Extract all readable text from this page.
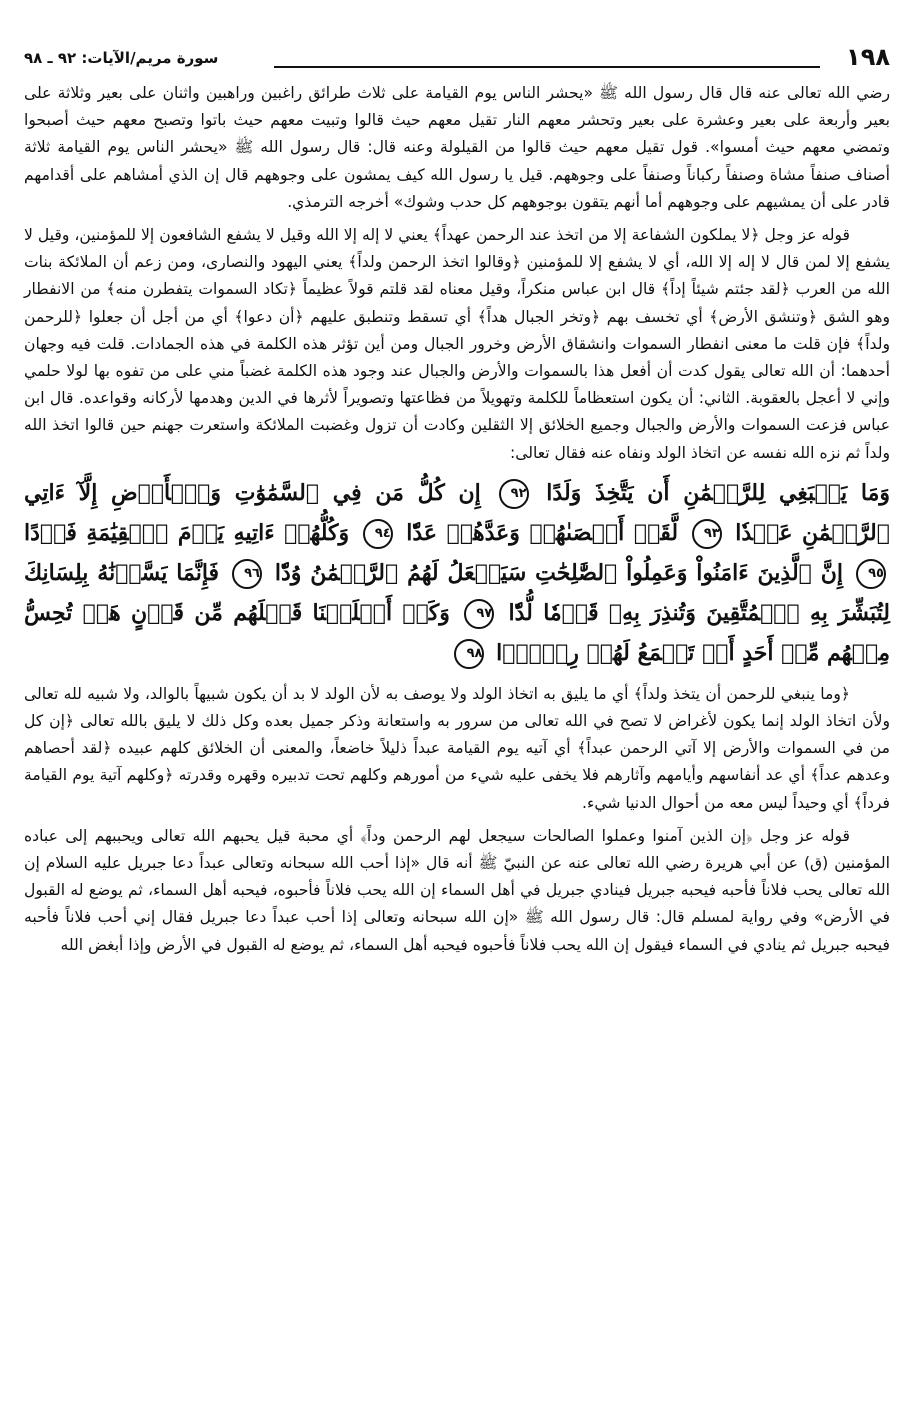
١٩٨
سورة مريم/الآيات: ٩٢ ـ ٩٨

رضي الله تعالى عنه قال قال رسول الله ﷺ «يحشر الناس يوم القيامة على ثلاث طرائق راغبين وراهبين واثنان على بعير وثلاثة على بعير وأربعة على بعير وعشرة على بعير وتحشر معهم النار تقيل معهم حيث قالوا وتبيت معهم حيث باتوا وتصبح معهم حيث أصبحوا وتمضي معهم حيث أمسوا». قول تقيل معهم حيث قالوا من القيلولة وعنه قال: قال رسول الله ﷺ «يحشر الناس يوم القيامة ثلاثة أصناف صنفاً مشاة وصنفاً ركباناً وصنفاً على وجوههم. قيل يا رسول الله كيف يمشون على وجوههم قال إن الذي أمشاهم على أقدامهم قادر على أن يمشيهم على وجوههم أما أنهم يتقون بوجوههم كل حدب وشوك» أخرجه الترمذي.

قوله عز وجل ﴿لا يملكون الشفاعة إلا من اتخذ عند الرحمن عهداً﴾ يعني لا إله إلا الله وقيل لا يشفع الشافعون إلا للمؤمنين، وقيل لا يشفع إلا لمن قال لا إله إلا الله، أي لا يشفع إلا للمؤمنين ﴿وقالوا اتخذ الرحمن ولداً﴾ يعني اليهود والنصارى، ومن زعم أن الملائكة بنات الله من العرب ﴿لقد جئتم شيئاً إداً﴾ قال ابن عباس منكراً، وقيل معناه لقد قلتم قولاً عظيماً ﴿تكاد السموات يتفطرن منه﴾ من الانفطار وهو الشق ﴿وتنشق الأرض﴾ أي تخسف بهم ﴿وتخر الجبال هداً﴾ أي تسقط وتنطبق عليهم ﴿أن دعوا﴾ أي من أجل أن جعلوا ﴿للرحمن ولداً﴾ فإن قلت ما معنى انفطار السموات وانشقاق الأرض وخرور الجبال ومن أين تؤثر هذه الكلمة في هذه الجمادات. قلت فيه وجهان أحدهما: أن الله تعالى يقول كدت أن أفعل هذا بالسموات والأرض والجبال عند وجود هذه الكلمة غضباً مني على من تفوه بها لولا حلمي وإني لا أعجل بالعقوبة. الثاني: أن يكون استعظاماً للكلمة وتهويلاً من فظاعتها وتصويراً لأثرها في الدين وهدمها لأركانه وقواعده. قال ابن عباس فزعت السموات والأرض والجبال وجميع الخلائق إلا الثقلين وكادت أن تزول وغضبت الملائكة واستعرت جهنم حين قالوا اتخذ الله ولداً ثم نزه الله نفسه عن اتخاذ الولد ونفاه عنه فقال تعالى:

وَمَا يَنۢبَغِي لِلرَّحۡمَٰنِ أَن يَتَّخِذَ وَلَدًا ٩٢ إِن كُلُّ مَن فِي ٱلسَّمَٰوَٰتِ وَٱلۡأَرۡضِ إِلَّآ ءَاتِي ٱلرَّحۡمَٰنِ عَبۡدٗا ٩٣ لَّقَدۡ أَحۡصَىٰهُمۡ وَعَدَّهُمۡ عَدّٗا ٩٤ وَكُلُّهُمۡ ءَاتِيهِ يَوۡمَ ٱلۡقِيَٰمَةِ فَرۡدًا ٩٥ إِنَّ ٱلَّذِينَ ءَامَنُواْ وَعَمِلُواْ ٱلصَّٰلِحَٰتِ سَيَجۡعَلُ لَهُمُ ٱلرَّحۡمَٰنُ وُدّٗا ٩٦ فَإِنَّمَا يَسَّرۡنَٰهُ بِلِسَانِكَ لِتُبَشِّرَ بِهِ ٱلۡمُتَّقِينَ وَتُنذِرَ بِهِۦ قَوۡمٗا لُّدّٗا ٩٧ وَكَمۡ أَهۡلَكۡنَا قَبۡلَهُم مِّن قَرۡنٍ هَلۡ تُحِسُّ مِنۡهُم مِّنۡ أَحَدٍ أَوۡ تَسۡمَعُ لَهُمۡ رِكۡزَۢا ٩٨

﴿وما ينبغي للرحمن أن يتخذ ولداً﴾ أي ما يليق به اتخاذ الولد ولا يوصف به لأن الولد لا بد أن يكون شبيهاً بالوالد، ولا شبيه لله تعالى ولأن اتخاذ الولد إنما يكون لأغراض لا تصح في الله تعالى من سرور به واستعانة وذكر جميل بعده وكل ذلك لا يليق بالله تعالى ﴿إن كل من في السموات والأرض إلا آتي الرحمن عبداً﴾ أي آتيه يوم القيامة عبداً ذليلاً خاضعاً، والمعنى أن الخلائق كلهم عبيده ﴿لقد أحصاهم وعدهم عداً﴾ أي عد أنفاسهم وأيامهم وآثارهم فلا يخفى عليه شيء من أمورهم وكلهم تحت تدبيره وقهره وقدرته ﴿وكلهم آتية يوم القيامة فرداً﴾ أي وحيداً ليس معه من أحوال الدنيا شيء.

قوله عز وجل ﴿إن الذين آمنوا وعملوا الصالحات سيجعل لهم الرحمن وداً﴾ أي محبة قيل يحبهم الله تعالى ويحببهم إلى عباده المؤمنين (ق) عن أبي هريرة رضي الله تعالى عنه عن النبيّ ﷺ أنه قال «إذا أحب الله سبحانه وتعالى عبداً دعا جبريل عليه السلام إن الله تعالى يحب فلاناً فأحبه فيحبه جبريل فينادي جبريل في أهل السماء إن الله يحب فلاناً فأحبوه، فيحبه أهل السماء، ثم يوضع له القبول في الأرض» وفي رواية لمسلم قال: قال رسول الله ﷺ «إن الله سبحانه وتعالى إذا أحب عبداً دعا جبريل فقال إني أحب فلاناً فأحبه فيحبه جبريل ثم ينادي في السماء فيقول إن الله يحب فلاناً فأحبوه فيحبه أهل السماء، ثم يوضع له القبول في الأرض وإذا أبغض الله
